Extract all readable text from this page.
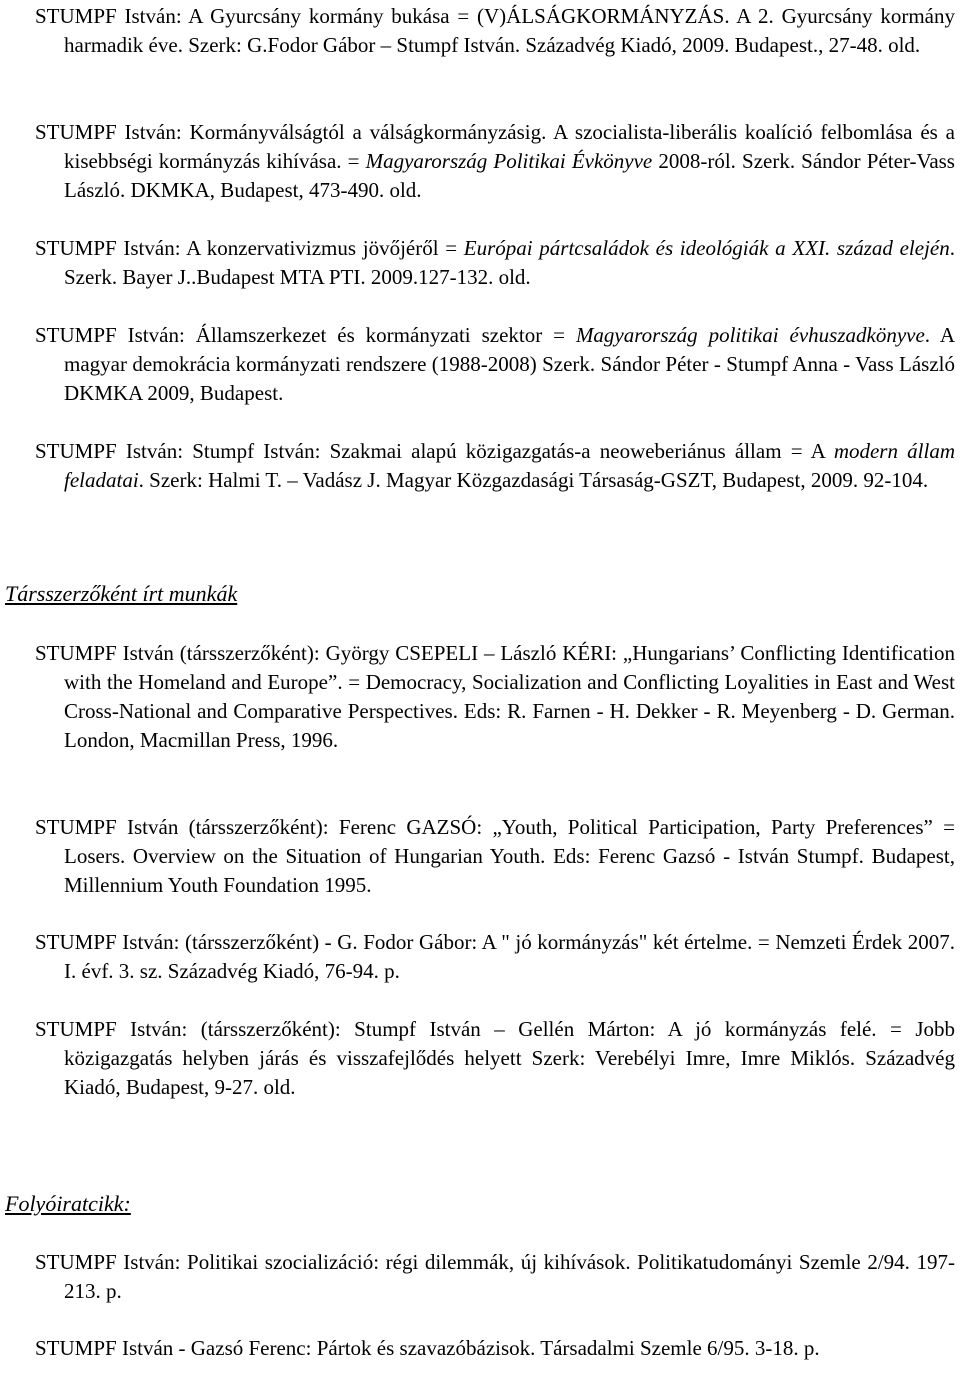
STUMPF István: A Gyurcsány kormány bukása = (V)ÁLSÁGKORMÁNYZÁS. A 2. Gyurcsány kormány harmadik éve. Szerk: G.Fodor Gábor – Stumpf István. Századvég Kiadó, 2009. Budapest., 27-48. old.

STUMPF István: Kormányválságtól a válságkormányzásig. A szocialista-liberális koalíció felbomlása és a kisebbségi kormányzás kihívása. = Magyarország Politikai Évkönyve 2008-ról. Szerk. Sándor Péter-Vass László. DKMKA, Budapest, 473-490. old.

STUMPF István: A konzervativizmus jövőjéről = Európai pártcsaládok és ideológiák a XXI. század elején. Szerk. Bayer J..Budapest MTA PTI. 2009.127-132. old.

STUMPF István: Államszerkezet és kormányzati szektor = Magyarország politikai évhuszadkönyve. A magyar demokrácia kormányzati rendszere (1988-2008) Szerk. Sándor Péter - Stumpf Anna - Vass László DKMKA 2009, Budapest.

STUMPF István: Stumpf István: Szakmai alapú közigazgatás-a neoweberiánus állam = A modern állam feladatai. Szerk: Halmi T. – Vadász J. Magyar Közgazdasági Társaság-GSZT, Budapest, 2009. 92-104.

Társszerzőként írt munkák

STUMPF István (társszerzőként): György CSEPELI – László KÉRI: „Hungarians’ Conflicting Identification with the Homeland and Europe”. = Democracy, Socialization and Conflicting Loyalities in East and West Cross-National and Comparative Perspectives. Eds: R. Farnen - H. Dekker - R. Meyenberg - D. German. London, Macmillan Press, 1996.

STUMPF István (társszerzőként): Ferenc GAZSÓ: „Youth, Political Participation, Party Preferences” = Losers. Overview on the Situation of Hungarian Youth. Eds: Ferenc Gazsó - István Stumpf. Budapest, Millennium Youth Foundation 1995.

STUMPF István: (társszerzőként) - G. Fodor Gábor: A " jó kormányzás" két értelme. = Nemzeti Érdek 2007. I. évf. 3. sz. Századvég Kiadó, 76-94. p.

STUMPF István: (társszerzőként): Stumpf István – Gellén Márton: A jó kormányzás felé. = Jobb közigazgatás helyben járás és visszafejlődés helyett Szerk: Verebélyi Imre, Imre Miklós. Századvég Kiadó, Budapest, 9-27. old.

Folyóiratcikk:

STUMPF István: Politikai szocializáció: régi dilemmák, új kihívások. Politikatudományi Szemle 2/94. 197-213. p.

STUMPF István - Gazsó Ferenc: Pártok és szavazóbázisok. Társadalmi Szemle 6/95. 3-18. p.
